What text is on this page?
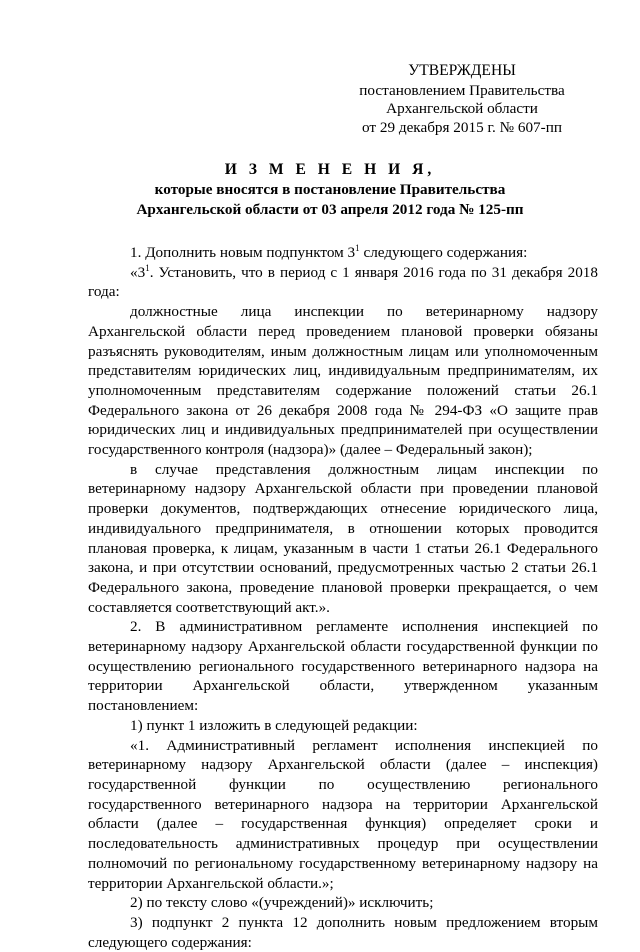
УТВЕРЖДЕНЫ
постановлением Правительства
Архангельской области
от 29 декабря 2015 г. № 607-пп
И З М Е Н Е Н И Я,
которые вносятся в постановление Правительства
Архангельской области от 03 апреля 2012 года № 125-пп

1. Дополнить новым подпунктом $3^1$ следующего содержания:

«$3^1$. Установить, что в период с 1 января 2016 года по 31 декабря 2018 года:

должностные лица инспекции по ветеринарному надзору Архангельской области перед проведением плановой проверки обязаны разъяснять руководителям, иным должностным лицам или уполномоченным представителям юридических лиц, индивидуальным предпринимателям, их уполномоченным представителям содержание положений статьи 26.1 Федерального закона от 26 декабря 2008 года № 294-ФЗ «О защите прав юридических лиц и индивидуальных предпринимателей при осуществлении государственного контроля (надзора)» (далее – Федеральный закон);

в случае представления должностным лицам инспекции по ветеринарному надзору Архангельской области при проведении плановой проверки документов, подтверждающих отнесение юридического лица, индивидуального предпринимателя, в отношении которых проводится плановая проверка, к лицам, указанным в части 1 статьи 26.1 Федерального закона, и при отсутствии оснований, предусмотренных частью 2 статьи 26.1 Федерального закона, проведение плановой проверки прекращается, о чем составляется соответствующий акт.».

2. В административном регламенте исполнения инспекцией по ветеринарному надзору Архангельской области государственной функции по осуществлению регионального государственного ветеринарного надзора на территории Архангельской области, утвержденном указанным постановлением:

1) пункт 1 изложить в следующей редакции:

«1. Административный регламент исполнения инспекцией по ветеринарному надзору Архангельской области (далее – инспекция) государственной функции по осуществлению регионального государственного ветеринарного надзора на территории Архангельской области (далее – государственная функция) определяет сроки и последовательность административных процедур при осуществлении полномочий по региональному государственному ветеринарному надзору на территории Архангельской области.»;

2) по тексту слово «(учреждений)» исключить;

3) подпункт 2 пункта 12 дополнить новым предложением вторым следующего содержания:
